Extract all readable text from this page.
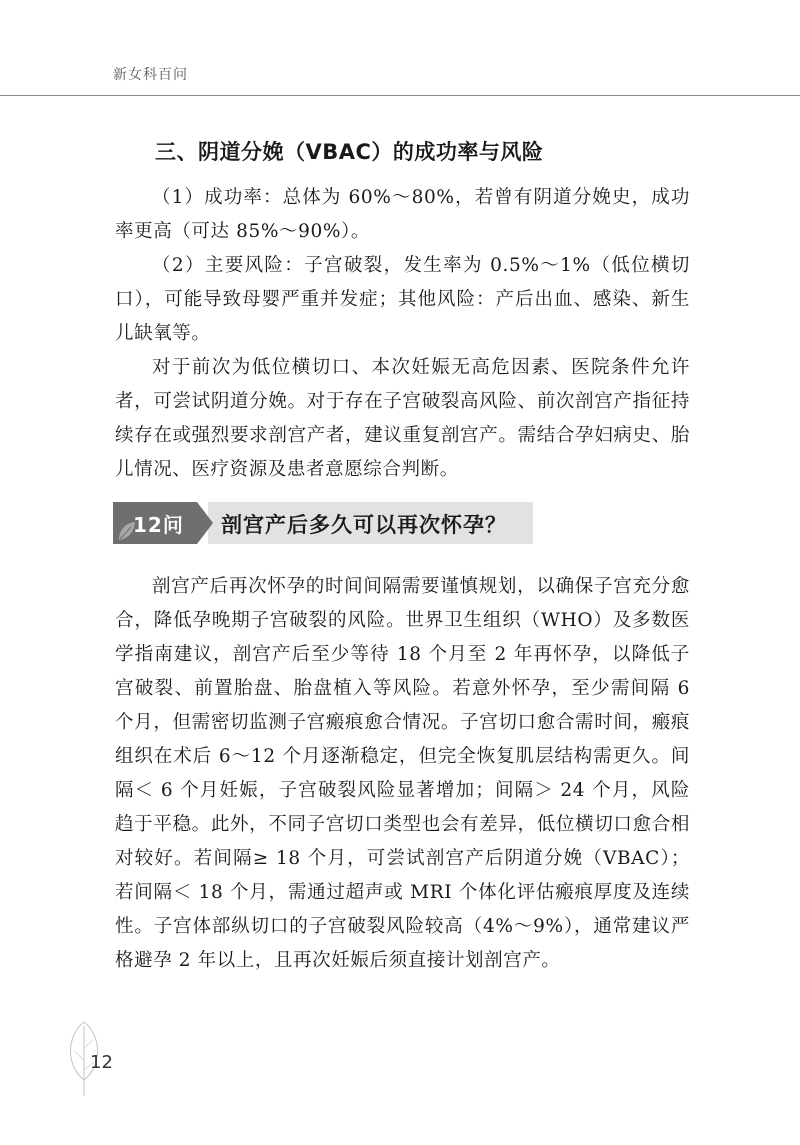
新女科百问
三、阴道分娩（VBAC）的成功率与风险

（1）成功率：总体为 60%～80%，若曾有阴道分娩史，成功率更高（可达 85%～90%）。

（2）主要风险：子宫破裂，发生率为 0.5%～1%（低位横切口），可能导致母婴严重并发症；其他风险：产后出血、感染、新生儿缺氧等。

对于前次为低位横切口、本次妊娠无高危因素、医院条件允许者，可尝试阴道分娩。对于存在子宫破裂高风险、前次剖宫产指征持续存在或强烈要求剖宫产者，建议重复剖宫产。需结合孕妇病史、胎儿情况、医疗资源及患者意愿综合判断。

12问 剖宫产后多久可以再次怀孕？

剖宫产后再次怀孕的时间间隔需要谨慎规划，以确保子宫充分愈合，降低孕晚期子宫破裂的风险。世界卫生组织（WHO）及多数医学指南建议，剖宫产后至少等待 18 个月至 2 年再怀孕，以降低子宫破裂、前置胎盘、胎盘植入等风险。若意外怀孕，至少需间隔 6 个月，但需密切监测子宫瘢痕愈合情况。子宫切口愈合需时间，瘢痕组织在术后 6～12 个月逐渐稳定，但完全恢复肌层结构需更久。间隔＜ 6 个月妊娠，子宫破裂风险显著增加；间隔＞ 24 个月，风险趋于平稳。此外，不同子宫切口类型也会有差异，低位横切口愈合相对较好。若间隔≥ 18 个月，可尝试剖宫产后阴道分娩（VBAC）；若间隔＜ 18 个月，需通过超声或 MRI 个体化评估瘢痕厚度及连续性。子宫体部纵切口的子宫破裂风险较高（4%～9%），通常建议严格避孕 2 年以上，且再次妊娠后须直接计划剖宫产。

12
